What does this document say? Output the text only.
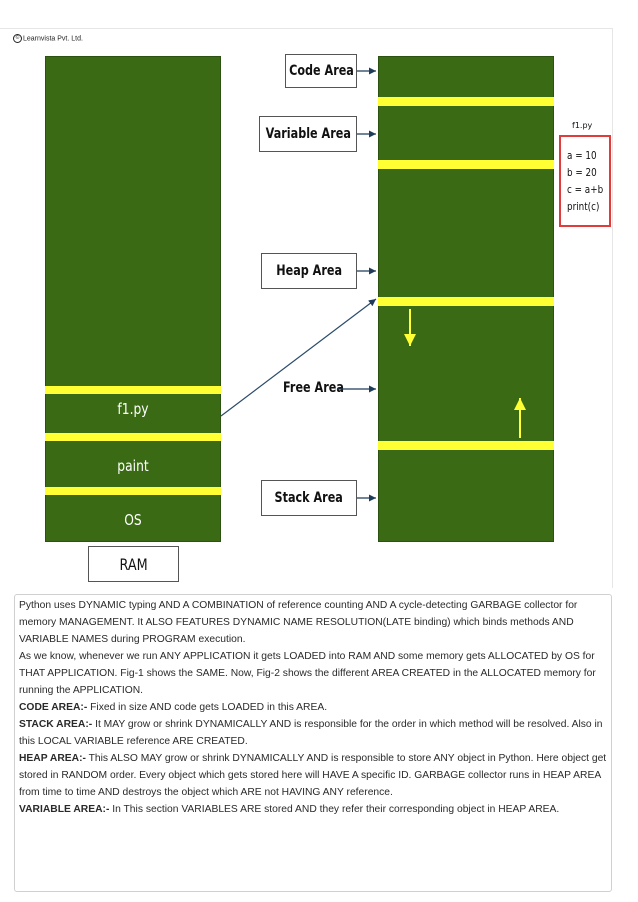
© Learnvista Pvt. Ltd.
f1.py
paint
OS
RAM
Code Area
Variable Area
Heap Area
Free Area
Stack Area
f1.py
a = 10
b = 20
c = a+b
print(c)

Python uses DYNAMIC typing AND A COMBINATION of reference counting AND A cycle-detecting GARBAGE collector for memory MANAGEMENT. It ALSO FEATURES DYNAMIC NAME RESOLUTION(LATE binding) which binds methods AND VARIABLE NAMES during PROGRAM execution.

As we know, whenever we run ANY APPLICATION it gets LOADED into RAM AND some memory gets ALLOCATED by OS for THAT APPLICATION. Fig-1 shows the SAME. Now, Fig-2 shows the different AREA CREATED in the ALLOCATED memory for running the APPLICATION.

CODE AREA:- Fixed in size AND code gets LOADED in this AREA.

STACK AREA:- It MAY grow or shrink DYNAMICALLY AND is responsible for the order in which method will be resolved. Also in this LOCAL VARIABLE reference ARE CREATED.

HEAP AREA:- This ALSO MAY grow or shrink DYNAMICALLY AND is responsible to store ANY object in Python. Here object get stored in RANDOM order. Every object which gets stored here will HAVE A specific ID. GARBAGE collector runs in HEAP AREA from time to time AND destroys the object which ARE not HAVING ANY reference.

VARIABLE AREA:- In This section VARIABLES ARE stored AND they refer their corresponding object in HEAP AREA.
